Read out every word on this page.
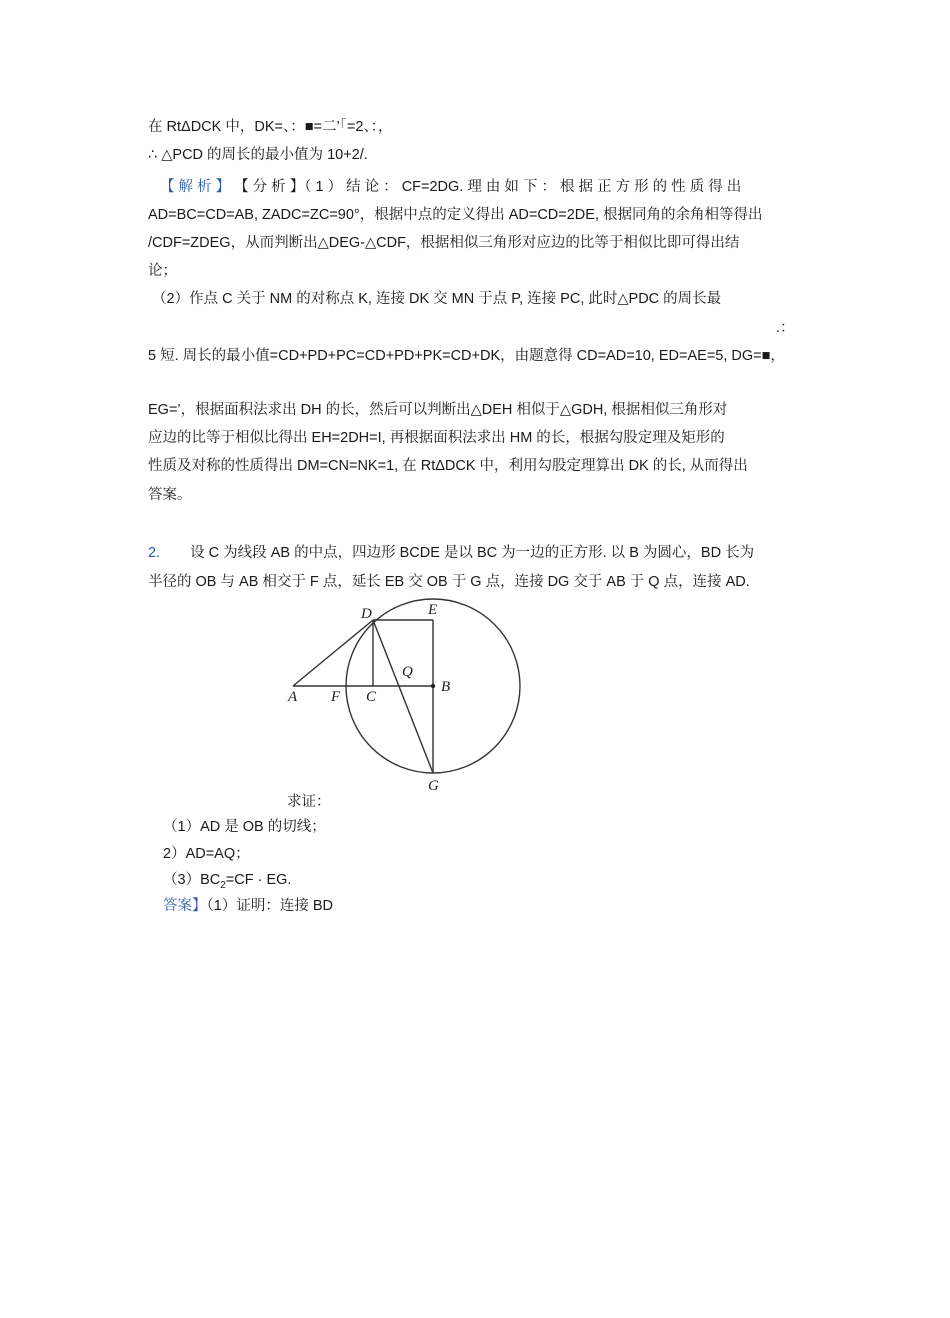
在 RtΔDCK 中，DK=、：■=二’「=2、：，
∴ △PCD 的周长的最小值为 10+2/.
【 解 析 】 【 分 析 】（ 1 ） 结 论 ： CF=2DG. 理 由 如 下 ： 根 据 正 方 形 的 性 质 得 出
AD=BC=CD=AB, ZADC=ZC=90°，根据中点的定义得出 AD=CD=2DE, 根据同角的余角相等得出
/CDF=ZDEG，从而判断出△DEG-△CDF，根据相似三角形对应边的比等于相似比即可得出结
论；
（2）作点 C 关于 NM 的对称点 K, 连接 DK 交 MN 于点 P, 连接 PC, 此时△PDC 的周长最
.：
5 短. 周长的最小值=CD+PD+PC=CD+PD+PK=CD+DK，由题意得 CD=AD=10, ED=AE=5, DG=■，
EG=’，根据面积法求出 DH 的长，然后可以判断出△DEH 相似于△GDH, 根据相似三角形对
应边的比等于相似比得出 EH=2DH=I, 再根据面积法求出 HM 的长，根据勾股定理及矩形的
性质及对称的性质得出 DM=CN=NK=1, 在 RtΔDCK 中，利用勾股定理算出 DK 的长, 从而得出
答案。
2. 设 C 为线段 AB 的中点，四边形 BCDE 是以 BC 为一边的正方形. 以 B 为圆心，BD 长为
半径的 OB 与 AB 相交于 F 点，延长 EB 交 OB 于 G 点，连接 DG 交于 AB 于 Q 点，连接 AD.
D	E
Q
A F C
B
G
求证：
（1）AD 是 OB 的切线；
2）AD=AQ；
$(3)BC_2=CF$ · EG.
答案】（1）证明：连接 BD
